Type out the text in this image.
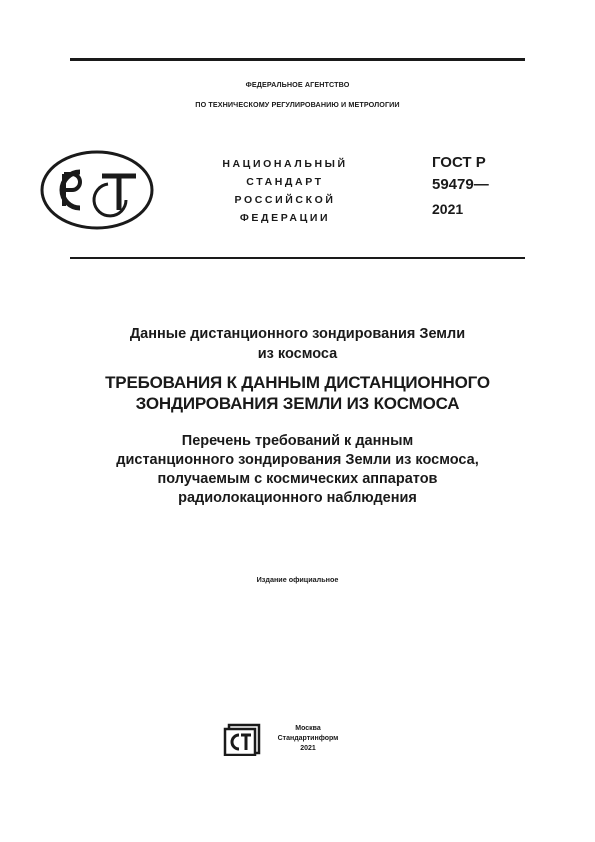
ФЕДЕРАЛЬНОЕ АГЕНТСТВО
ПО ТЕХНИЧЕСКОМУ РЕГУЛИРОВАНИЮ И МЕТРОЛОГИИ
НАЦИОНАЛЬНЫЙ
СТАНДАРТ
РОССИЙСКОЙ
ФЕДЕРАЦИИ
ГОСТ Р
59479—
2021
Данные дистанционного зондирования Земли
из космоса
ТРЕБОВАНИЯ К ДАННЫМ ДИСТАНЦИОННОГО
ЗОНДИРОВАНИЯ ЗЕМЛИ ИЗ КОСМОСА
Перечень требований к данным
дистанционного зондирования Земли из космоса,
получаемым с космических аппаратов
радиолокационного наблюдения
Издание официальное
Москва
Стандартинформ
2021
